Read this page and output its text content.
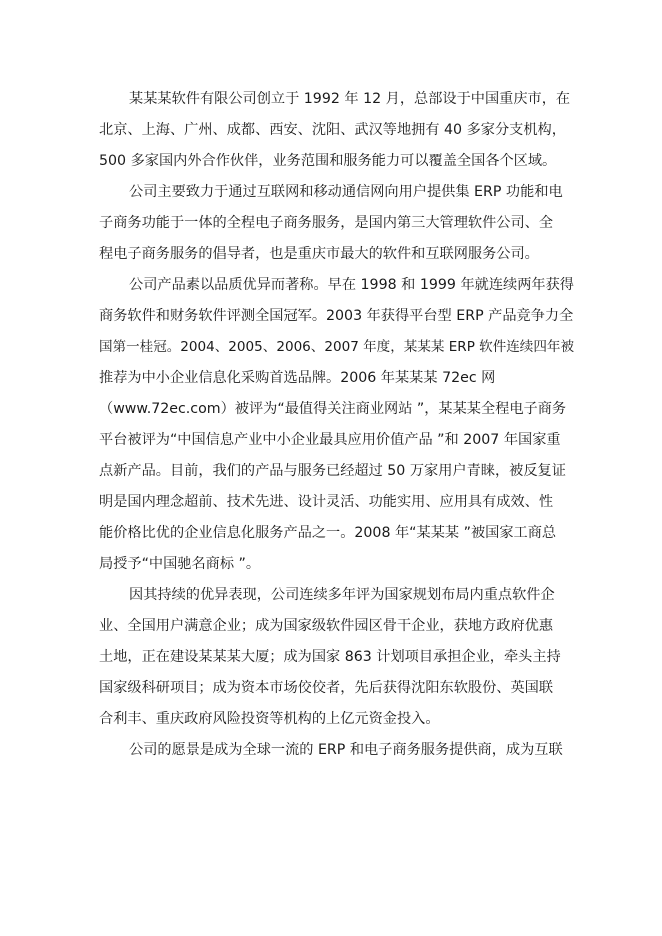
某某某软件有限公司创立于 1992 年 12 月，总部设于中国重庆市，在
北京、上海、广州、成都、西安、沈阳、武汉等地拥有 40 多家分支机构，
500 多家国内外合作伙伴，业务范围和服务能力可以覆盖全国各个区域。
公司主要致力于通过互联网和移动通信网向用户提供集 ERP 功能和电
子商务功能于一体的全程电子商务服务，是国内第三大管理软件公司、全
程电子商务服务的倡导者，也是重庆市最大的软件和互联网服务公司。
公司产品素以品质优异而著称。早在 1998 和 1999 年就连续两年获得
商务软件和财务软件评测全国冠军。2003 年获得平台型 ERP 产品竞争力全
国第一桂冠。2004、2005、2006、2007 年度，某某某 ERP 软件连续四年被
推荐为中小企业信息化采购首选品牌。2006 年某某某 72ec 网
（www.72ec.com）被评为“最值得关注商业网站 ”，某某某全程电子商务
平台被评为“中国信息产业中小企业最具应用价值产品 ”和 2007 年国家重
点新产品。目前，我们的产品与服务已经超过 50 万家用户青睐，被反复证
明是国内理念超前、技术先进、设计灵活、功能实用、应用具有成效、性
能价格比优的企业信息化服务产品之一。2008 年“某某某 ”被国家工商总
局授予“中国驰名商标 ”。
因其持续的优异表现，公司连续多年评为国家规划布局内重点软件企
业、全国用户满意企业；成为国家级软件园区骨干企业，获地方政府优惠
土地，正在建设某某某大厦；成为国家 863 计划项目承担企业，牵头主持
国家级科研项目；成为资本市场佼佼者，先后获得沈阳东软股份、英国联
合利丰、重庆政府风险投资等机构的上亿元资金投入。
公司的愿景是成为全球一流的 ERP 和电子商务服务提供商，成为互联
